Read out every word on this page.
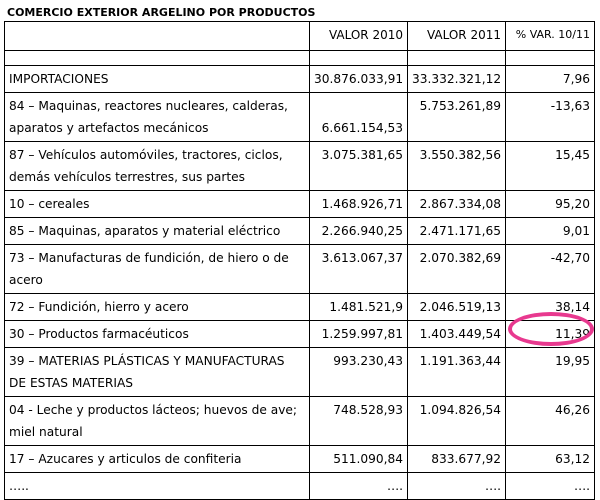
COMERCIO EXTERIOR ARGELINO POR PRODUCTOS
	VALOR 2010	VALOR 2011	% VAR. 10/11

IMPORTACIONES	30.876.033,91	33.332.321,12	7,96
84 – Maquinas, reactores nucleares, calderas, aparatos y artefactos mecánicos	6.661.154,53	5.753.261,89	-13,63
87 – Vehículos automóviles, tractores, ciclos, demás vehículos terrestres, sus partes	3.075.381,65	3.550.382,56	15,45
10 – cereales	1.468.926,71	2.867.334,08	95,20
85 – Maquinas, aparatos y material eléctrico	2.266.940,25	2.471.171,65	9,01
73 – Manufacturas de fundición, de hiero o de acero	3.613.067,37	2.070.382,69	-42,70
72 – Fundición, hierro y acero	1.481.521,9	2.046.519,13	38,14
30 – Productos farmacéuticos	1.259.997,81	1.403.449,54	11,39
39 – MATERIAS PLÁSTICAS Y MANUFACTURAS DE ESTAS MATERIAS	993.230,43	1.191.363,44	19,95
04 - Leche y productos lácteos; huevos de ave; miel natural	748.528,93	1.094.826,54	46,26
17 – Azucares y articulos de confiteria	511.090,84	833.677,92	63,12
…..	….	….	….
